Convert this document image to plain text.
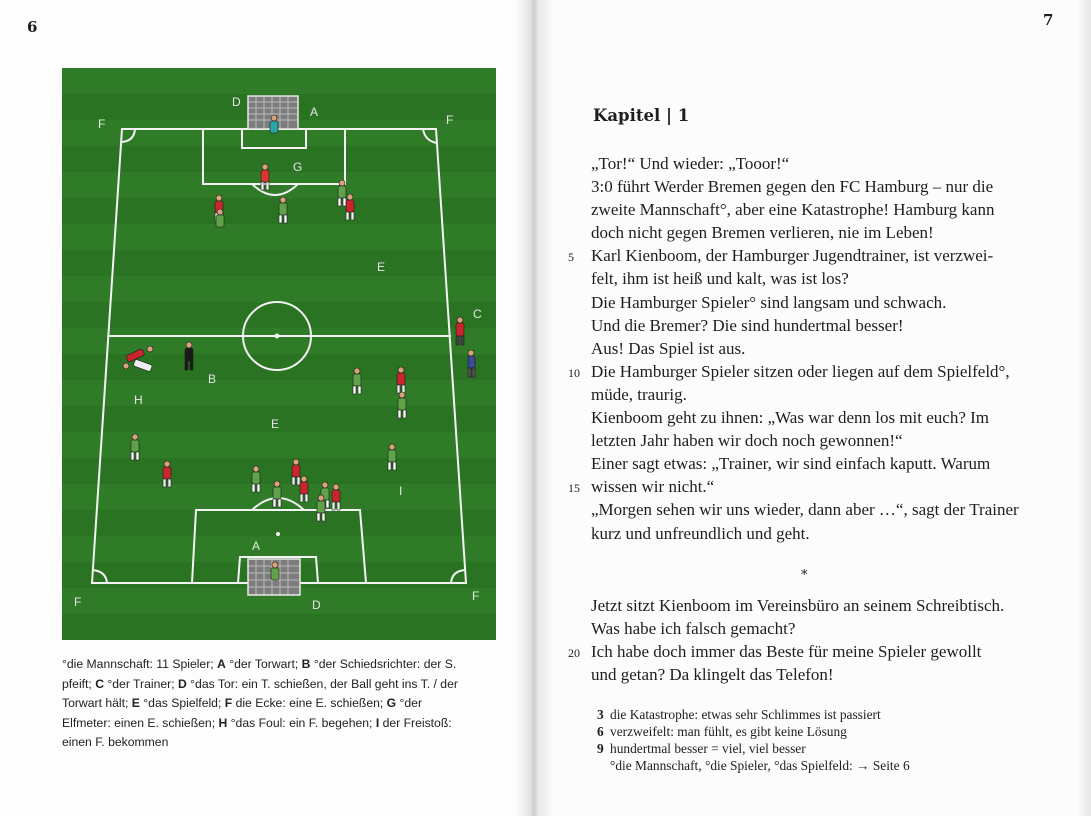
6	7
D
A
F	F
G
E
C
B
H
E
I
A
F	F
D
°die Mannschaft: 11 Spieler; A °der Torwart; B °der Schiedsrichter: der S.
pfeift; C °der Trainer; D °das Tor: ein T. schießen, der Ball geht ins T. / der
Torwart hält; E °das Spielfeld; F die Ecke: eine E. schießen; G °der
Elfmeter: einen E. schießen; H °das Foul: ein F. begehen; I der Freistoß:
einen F. bekommen
Kapitel | 1
„Tor!“ Und wieder: „Tooor!“
3:0 führt Werder Bremen gegen den FC Hamburg – nur die
zweite Mannschaft°, aber eine Katastrophe! Hamburg kann
doch nicht gegen Bremen verlieren, nie im Leben!
5 Karl Kienboom, der Hamburger Jugendtrainer, ist verzwei-
felt, ihm ist heiß und kalt, was ist los?
Die Hamburger Spieler° sind langsam und schwach.
Und die Bremer? Die sind hundertmal besser!
Aus! Das Spiel ist aus.
10 Die Hamburger Spieler sitzen oder liegen auf dem Spielfeld°,
müde, traurig.
Kienboom geht zu ihnen: „Was war denn los mit euch? Im
letzten Jahr haben wir doch noch gewonnen!“
Einer sagt etwas: „Trainer, wir sind einfach kaputt. Warum
15 wissen wir nicht.“
„Morgen sehen wir uns wieder, dann aber …“, sagt der Trainer
kurz und unfreundlich und geht.
*
Jetzt sitzt Kienboom im Vereinsbüro an seinem Schreibtisch.
Was habe ich falsch gemacht?
20 Ich habe doch immer das Beste für meine Spieler gewollt
und getan? Da klingelt das Telefon!
3 die Katastrophe: etwas sehr Schlimmes ist passiert
6 verzweifelt: man fühlt, es gibt keine Lösung
9 hundertmal besser = viel, viel besser
°die Mannschaft, °die Spieler, °das Spielfeld: → Seite 6
